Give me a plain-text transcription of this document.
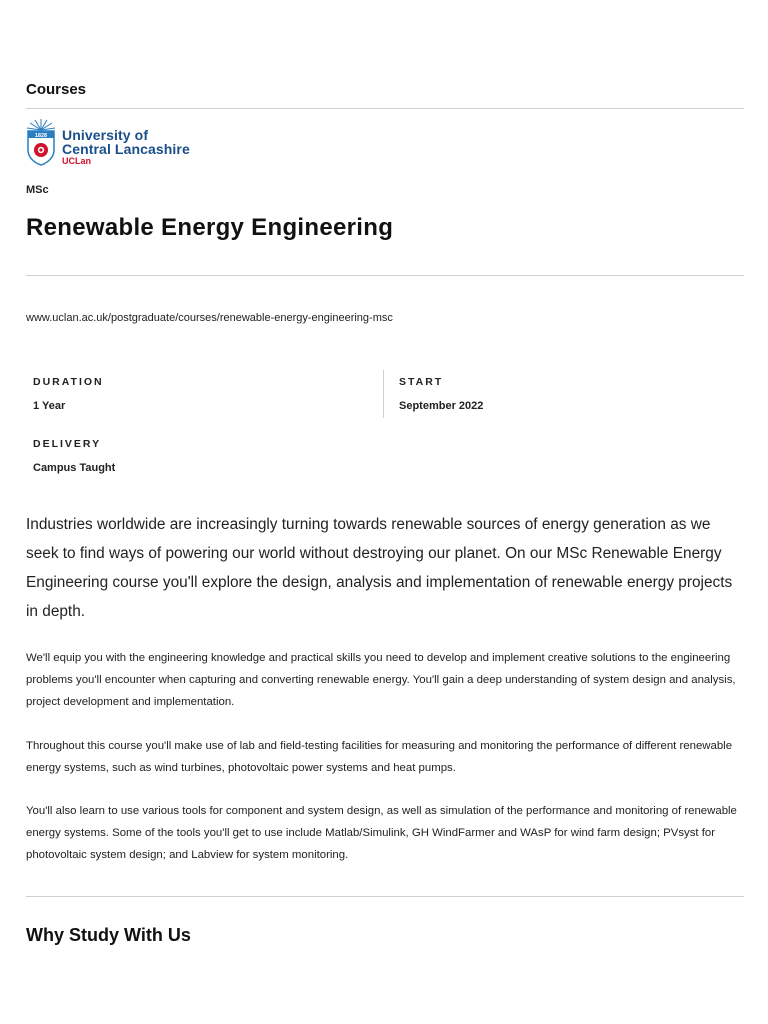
Courses
1828 University of
Central Lancashire
UCLan
MSc
Renewable Energy Engineering
www.uclan.ac.uk/postgraduate/courses/renewable-energy-engineering-msc
DURATION
1 Year
START
September 2022
DELIVERY
Campus Taught

Industries worldwide are increasingly turning towards renewable sources of energy generation as we seek to find ways of powering our world without destroying our planet. On our MSc Renewable Energy Engineering course you'll explore the design, analysis and implementation of renewable energy projects in depth.

We'll equip you with the engineering knowledge and practical skills you need to develop and implement creative solutions to the engineering problems you'll encounter when capturing and converting renewable energy. You'll gain a deep understanding of system design and analysis, project development and implementation.

Throughout this course you'll make use of lab and field-testing facilities for measuring and monitoring the performance of different renewable energy systems, such as wind turbines, photovoltaic power systems and heat pumps.

You'll also learn to use various tools for component and system design, as well as simulation of the performance and monitoring of renewable energy systems. Some of the tools you'll get to use include Matlab/Simulink, GH WindFarmer and WAsP for wind farm design; PVsyst for photovoltaic system design; and Labview for system monitoring.

Why Study With Us
